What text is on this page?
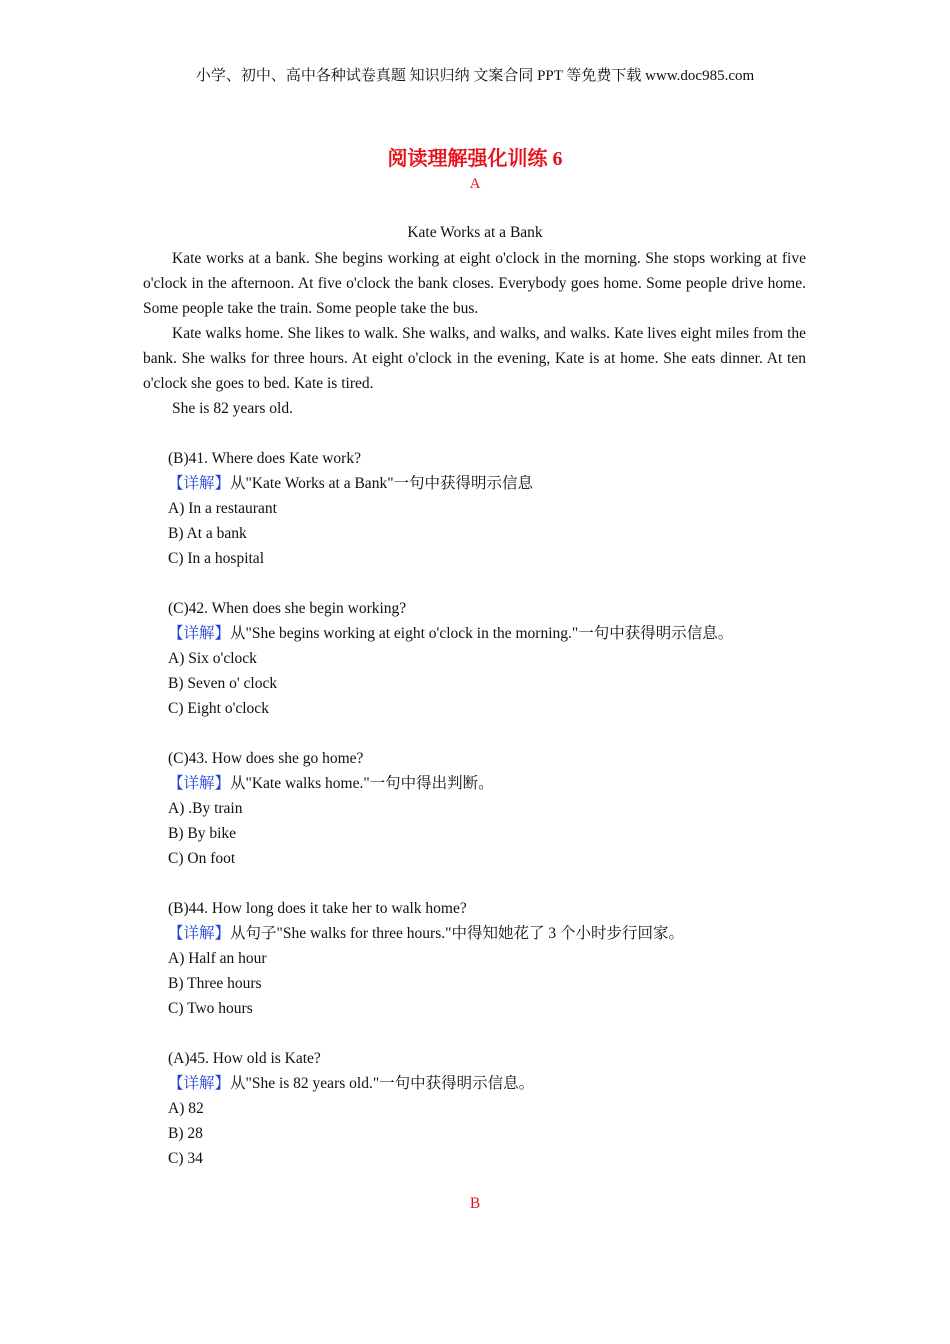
小学、初中、高中各种试卷真题 知识归纳 文案合同 PPT 等免费下载 www.doc985.com
阅读理解强化训练 6
A
Kate Works at a Bank

Kate works at a bank. She begins working at eight o'clock in the morning. She stops working at five o'clock in the afternoon. At five o'clock the bank closes. Everybody goes home. Some people drive home. Some people take the train. Some people take the bus.

Kate walks home. She likes to walk. She walks, and walks, and walks. Kate lives eight miles from the bank. She walks for three hours. At eight o'clock in the evening, Kate is at home. She eats dinner. At ten o'clock she goes to bed. Kate is tired.

She is 82 years old.

(B)41. Where does Kate work?
【详解】从"Kate Works at a Bank"一句中获得明示信息
A) In a restaurant
B) At a bank
C) In a hospital
(C)42. When does she begin working?
【详解】从"She begins working at eight o'clock in the morning."一句中获得明示信息。
A) Six o'clock
B) Seven o' clock
C) Eight o'clock
(C)43. How does she go home?
【详解】从"Kate walks home."一句中得出判断。
A) .By train
B) By bike
C) On foot
(B)44. How long does it take her to walk home?
【详解】从句子"She walks for three hours."中得知她花了 3 个小时步行回家。
A) Half an hour
B) Three hours
C) Two hours
(A)45. How old is Kate?
【详解】从"She is 82 years old."一句中获得明示信息。
A) 82
B) 28
C) 34
B
